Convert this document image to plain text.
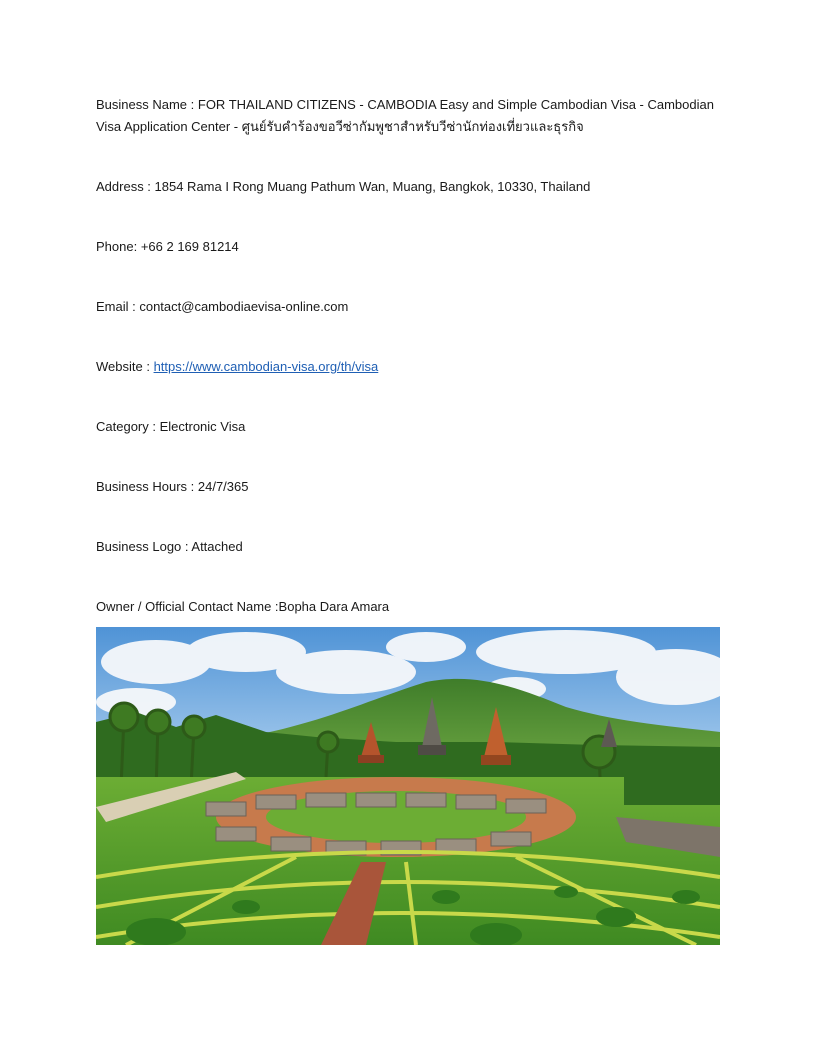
Business Name : FOR THAILAND CITIZENS - CAMBODIA Easy and Simple Cambodian Visa - Cambodian Visa Application Center - ศูนย์รับคำร้องขอวีซ่ากัมพูชาสำหรับวีซ่านักท่องเที่ยวและธุรกิจ
Address : 1854 Rama I Rong Muang Pathum Wan, Muang, Bangkok, 10330, Thailand
Phone: +66 2 169 81214
Email : contact@cambodiaevisa-online.com
Website : https://www.cambodian-visa.org/th/visa
Category : Electronic Visa
Business Hours : 24/7/365
Business Logo : Attached
Owner / Official Contact Name :Bopha Dara Amara
